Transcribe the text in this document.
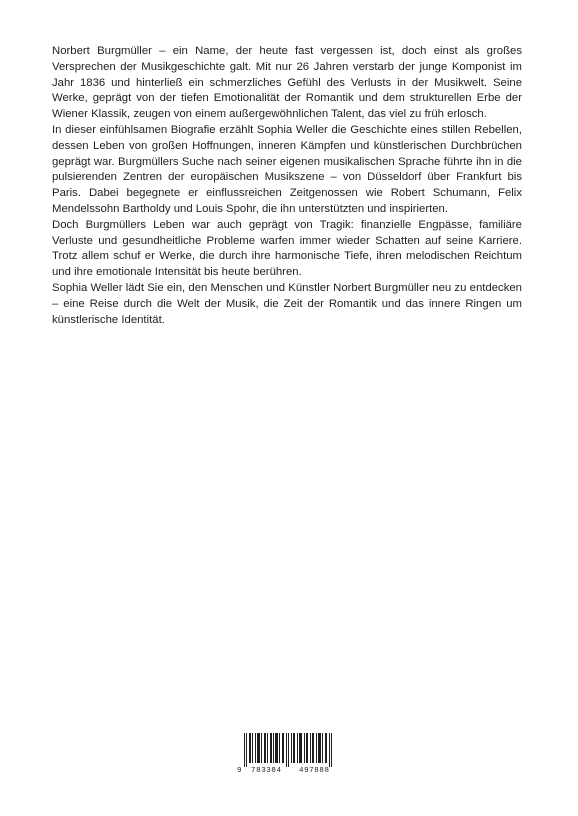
Norbert Burgmüller – ein Name, der heute fast vergessen ist, doch einst als großes Versprechen der Musikgeschichte galt. Mit nur 26 Jahren verstarb der junge Komponist im Jahr 1836 und hinterließ ein schmerzliches Gefühl des Verlusts in der Musikwelt. Seine Werke, geprägt von der tiefen Emotionalität der Romantik und dem strukturellen Erbe der Wiener Klassik, zeugen von einem außergewöhnlichen Talent, das viel zu früh erlosch.

In dieser einfühlsamen Biografie erzählt Sophia Weller die Geschichte eines stillen Rebellen, dessen Leben von großen Hoffnungen, inneren Kämpfen und künstlerischen Durchbrüchen geprägt war. Burgmüllers Suche nach seiner eigenen musikalischen Sprache führte ihn in die pulsierenden Zentren der europäischen Musikszene – von Düsseldorf über Frankfurt bis Paris. Dabei begegnete er einflussreichen Zeitgenossen wie Robert Schumann, Felix Mendelssohn Bartholdy und Louis Spohr, die ihn unterstützten und inspirierten.

Doch Burgmüllers Leben war auch geprägt von Tragik: finanzielle Engpässe, familiäre Verluste und gesundheitliche Probleme warfen immer wieder Schatten auf seine Karriere. Trotz allem schuf er Werke, die durch ihre harmonische Tiefe, ihren melodischen Reichtum und ihre emotionale Intensität bis heute berühren.

Sophia Weller lädt Sie ein, den Menschen und Künstler Norbert Burgmüller neu zu entdecken – eine Reise durch die Welt der Musik, die Zeit der Romantik und das innere Ringen um künstlerische Identität.

9 783384 497888
